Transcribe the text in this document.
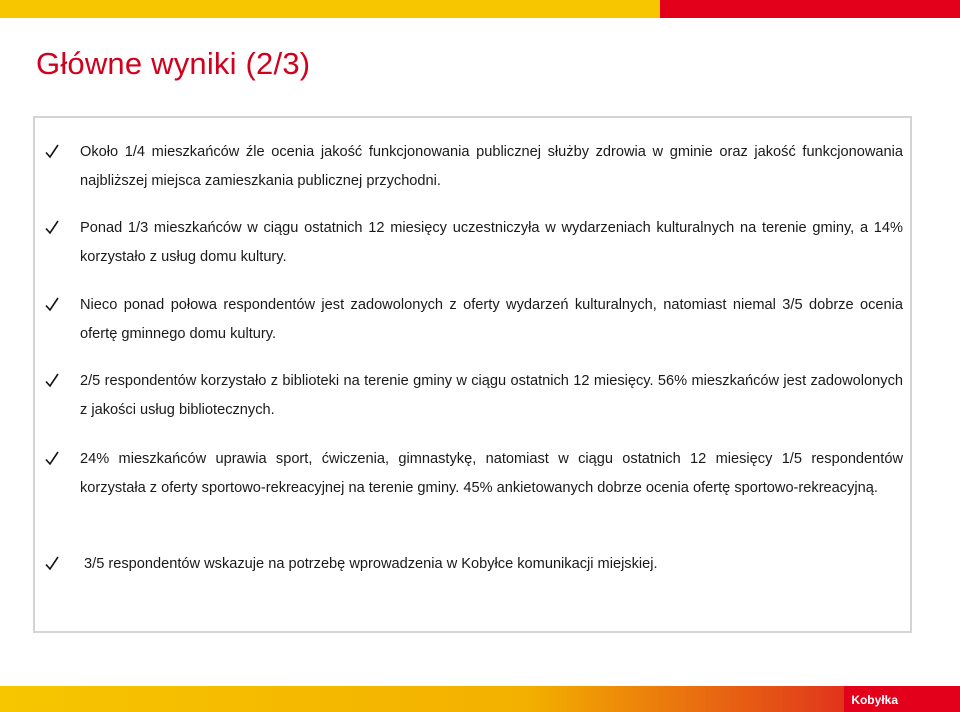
Główne wyniki (2/3)

Około 1/4 mieszkańców źle ocenia jakość funkcjonowania publicznej służby zdrowia w gminie oraz jakość funkcjonowania najbliższej miejsca zamieszkania publicznej przychodni.

Ponad 1/3 mieszkańców w ciągu ostatnich 12 miesięcy uczestniczyła w wydarzeniach kulturalnych na terenie gminy, a 14% korzystało z usług domu kultury.

Nieco ponad połowa respondentów jest zadowolonych z oferty wydarzeń kulturalnych, natomiast niemal 3/5 dobrze ocenia ofertę gminnego domu kultury.

2/5 respondentów korzystało z biblioteki na terenie gminy w ciągu ostatnich 12 miesięcy. 56% mieszkańców jest zadowolonych z jakości usług bibliotecznych.

24% mieszkańców uprawia sport, ćwiczenia, gimnastykę, natomiast w ciągu ostatnich 12 miesięcy 1/5 respondentów korzystała z oferty sportowo-rekreacyjnej na terenie gminy. 45% ankietowanych dobrze ocenia ofertę sportowo-rekreacyjną.

3/5 respondentów wskazuje na potrzebę wprowadzenia w Kobyłce komunikacji miejskiej.

Kobyłka
